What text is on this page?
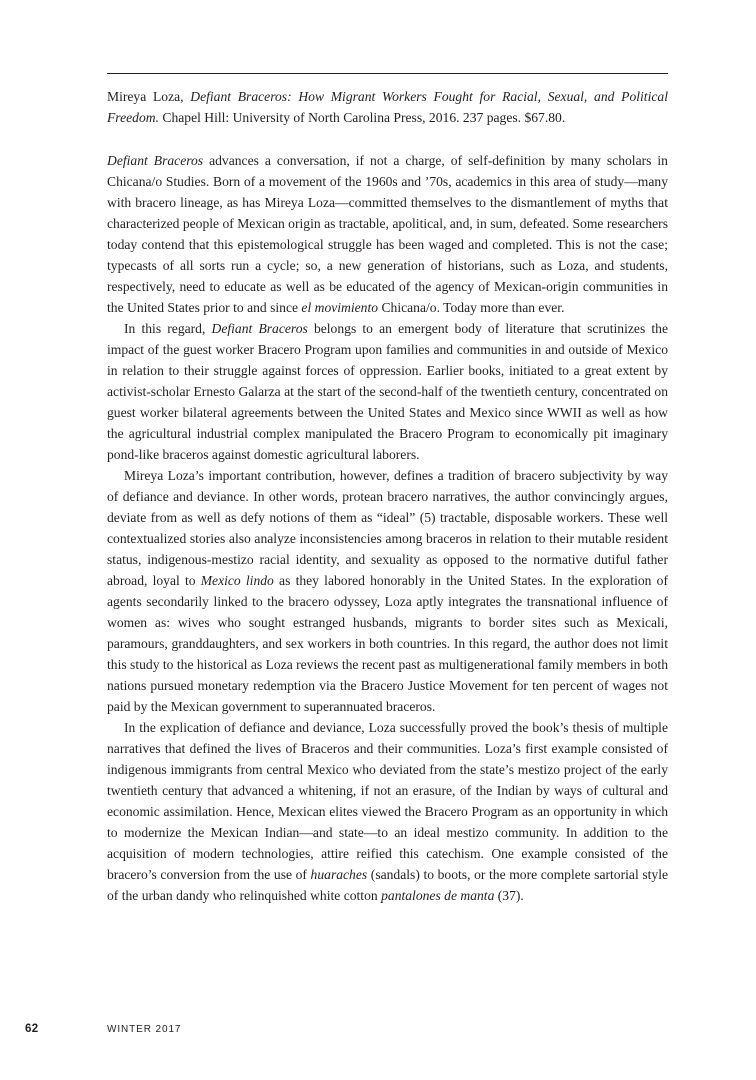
Mireya Loza, Defiant Braceros: How Migrant Workers Fought for Racial, Sexual, and Political Freedom. Chapel Hill: University of North Carolina Press, 2016. 237 pages. $67.80.

Defiant Braceros advances a conversation, if not a charge, of self-definition by many scholars in Chicana/o Studies. Born of a movement of the 1960s and ’70s, academics in this area of study—many with bracero lineage, as has Mireya Loza—committed themselves to the dismantlement of myths that characterized people of Mexican origin as tractable, apolitical, and, in sum, defeated. Some researchers today contend that this epistemological struggle has been waged and completed. This is not the case; typecasts of all sorts run a cycle; so, a new generation of historians, such as Loza, and students, respectively, need to educate as well as be educated of the agency of Mexican-origin communities in the United States prior to and since el movimiento Chicana/o. Today more than ever.

In this regard, Defiant Braceros belongs to an emergent body of literature that scrutinizes the impact of the guest worker Bracero Program upon families and communities in and outside of Mexico in relation to their struggle against forces of oppression. Earlier books, initiated to a great extent by activist-scholar Ernesto Galarza at the start of the second-half of the twentieth century, concentrated on guest worker bilateral agreements between the United States and Mexico since WWII as well as how the agricultural industrial complex manipulated the Bracero Program to economically pit imaginary pond-like braceros against domestic agricultural laborers.

Mireya Loza’s important contribution, however, defines a tradition of bracero subjectivity by way of defiance and deviance. In other words, protean bracero narratives, the author convincingly argues, deviate from as well as defy notions of them as “ideal” (5) tractable, disposable workers. These well contextualized stories also analyze inconsistencies among braceros in relation to their mutable resident status, indigenous-mestizo racial identity, and sexuality as opposed to the normative dutiful father abroad, loyal to Mexico lindo as they labored honorably in the United States. In the exploration of agents secondarily linked to the bracero odyssey, Loza aptly integrates the transnational influence of women as: wives who sought estranged husbands, migrants to border sites such as Mexicali, paramours, granddaughters, and sex workers in both countries. In this regard, the author does not limit this study to the historical as Loza reviews the recent past as multigenerational family members in both nations pursued monetary redemption via the Bracero Justice Movement for ten percent of wages not paid by the Mexican government to superannuated braceros.

In the explication of defiance and deviance, Loza successfully proved the book’s thesis of multiple narratives that defined the lives of Braceros and their communities. Loza’s first example consisted of indigenous immigrants from central Mexico who deviated from the state’s mestizo project of the early twentieth century that advanced a whitening, if not an erasure, of the Indian by ways of cultural and economic assimilation. Hence, Mexican elites viewed the Bracero Program as an opportunity in which to modernize the Mexican Indian—and state—to an ideal mestizo community. In addition to the acquisition of modern technologies, attire reified this catechism. One example consisted of the bracero’s conversion from the use of huaraches (sandals) to boots, or the more complete sartorial style of the urban dandy who relinquished white cotton pantalones de manta (37).

62	WINTER 2017
